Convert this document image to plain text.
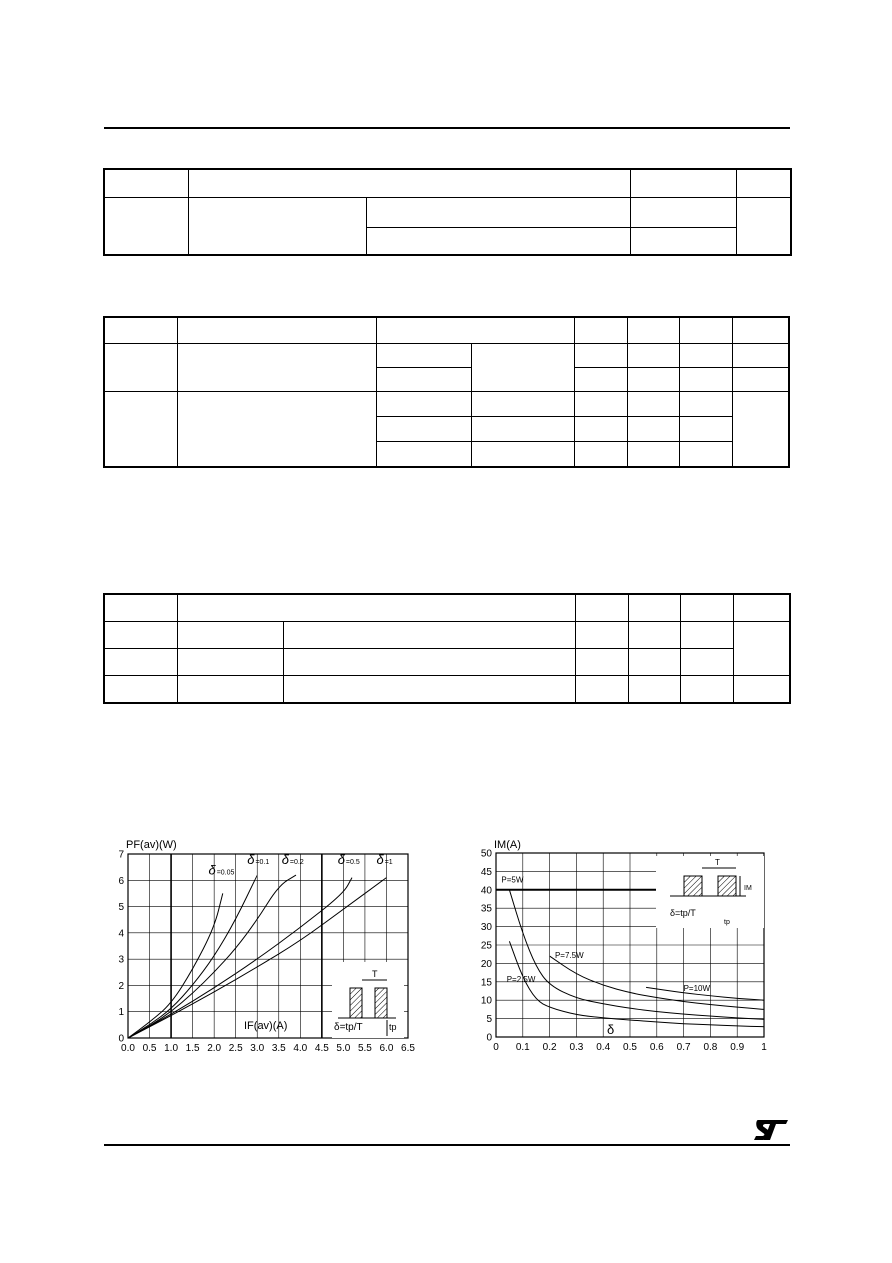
0.0 0.5 1.0 1.5 2.0 2.5 3.0 3.5 4.0 4.5 5.0 5.5 6.0 6.5
0
1
2
3
4
5
6
7
PF(av)(W)
δ=0.05
δ=0.1 δ=0.2	δ=0.5 δ=1
T
tp
δ=tp/T
IF(av)(A)
0 0.1 0.2 0.3 0.4 0.5 0.6 0.7 0.8 0.9 1
0
5
10
15
20
25
30
35
40
45
50
IM(A)
T
IM
tp
δ=tp/T
δ
P=5W
P=2.5W
P=7.5W
P=10W
